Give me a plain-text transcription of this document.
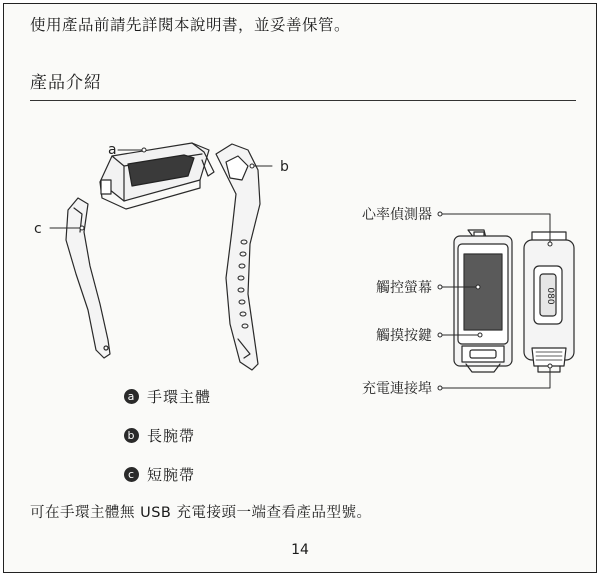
使用產品前請先詳閱本說明書，並妥善保管。
產品介紹
080
a
b
c
心率偵測器
觸控螢幕
觸摸按鍵
充電連接埠
a 手環主體
b 長腕帶
c 短腕帶
可在手環主體無 USB 充電接頭一端查看產品型號。
14
